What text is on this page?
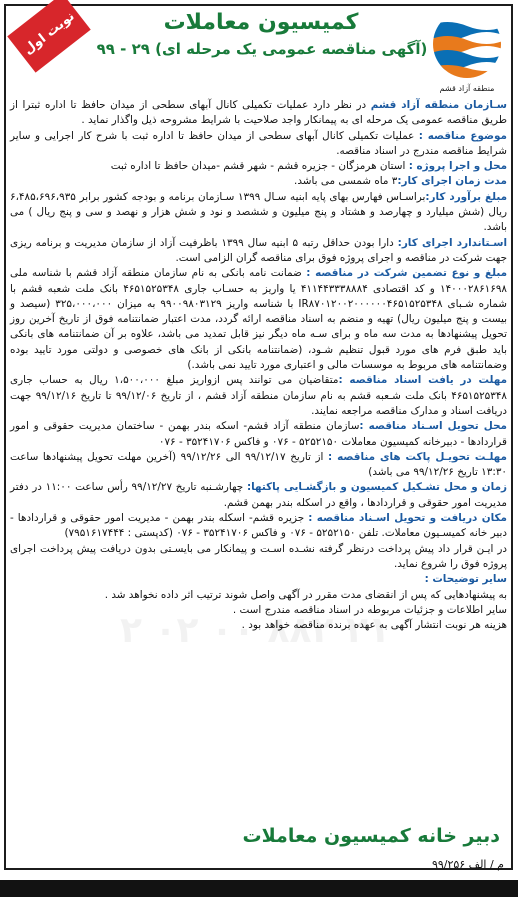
نوبت اول	کمیسیون معاملات
(آگهی مناقصه عمومی یک مرحله ای) ۲۹ - ۹۹
منطقه آزاد قشم
۲۱ ۸۸۲ ۰۰ ۰۲ ۲

سـازمان منطقه آزاد قشم در نظر دارد عملیات تکمیلی کانال آبهای سطحی از میدان حافظ تا اداره ثبترا از طریق مناقصه عمومی یک مرحله ای به پیمانکار واجد صلاحیت با شرایط مشروحه ذیل واگذار نماید .

موضوع مناقصه : عملیات تکمیلی کانال آبهای سطحی از میدان حافظ تا اداره ثبت با شرح کار اجرایی و سایر شرایط مناقصه مندرج در اسناد مناقصه.

محل و اجرا پروژه : استان هرمزگان - جزیره قشم - شهر قشم -میدان حافظ تا اداره ثبت

مدت زمان اجرای کار:۳ ماه شمسی می باشد.

مبلغ برآورد کار:براسـاس فهارس بهای پایه ابنیه سـال ۱۳۹۹ سـازمان برنامه و بودجه کشور برابر ۶،۴۸۵،۶۹۶،۹۳۵ ریال (شش میلیارد و چهارصد و هشتاد و پنج میلیون و ششصد و نود و شش هزار و نهصد و سی و پنج ریال ) می باشد.

اسـتاندارد اجرای کار: دارا بودن حداقل رتبه ۵ ابنیه سال ۱۳۹۹ باظرفیت آزاد از سازمان مدیریت و برنامه ریزی جهت شرکت در مناقصه و اجرای پروژه فوق برای مناقصه گران الزامی است.

مبلغ و نوع تضمین شرکت در مناقصه : ضمانت نامه بانکی به نام سازمان منطقه آزاد قشم با شناسه ملی ۱۴۰۰۰۲۸۶۱۶۹۸ و کد اقتصادی ۴۱۱۴۴۳۳۳۸۸۸۴ یا واریز به حسـاب جاری ۴۶۵۱۵۲۵۳۴۸ بانک ملت شعبه قشم با شماره شـبای IR۸۷۰۱۲۰۰۲۰۰۰۰۰۰۴۶۵۱۵۲۵۳۴۸ با شناسه واریز ۹۹۰۰۹۸۰۳۱۲۹ به میزان ۳۲۵،۰۰۰،۰۰۰ (سیصد و بیست و پنج میلیون ریال) تهیه و منضم به اسناد مناقصه ارائه گردد، مدت اعتبار ضمانتنامه فوق از تاریخ آخرین روز تحویل پیشنهادها به مدت سه ماه و برای سـه ماه دیگر نیز قابل تمدید می باشد، علاوه بر آن ضمانتنامه های بانکی باید طبق فرم های مورد قبول تنظیم شـود، (ضمانتنامه بانکی از بانک های خصوصی و دولتی مورد تایید بوده وضمانتنامه های مربوط به موسسات مالی و اعتباری مورد تایید نمی باشد.)

مهلت در یافت اسناد مناقصه :متقاضیان می توانند پس ازواریز مبلغ ۱،۵۰۰،۰۰۰ ریال به حساب جاری ۴۶۵۱۵۲۵۳۴۸ بانک ملت شـعبه قشم به نام سازمان منطقه آزاد قشم ، از تاریخ ۹۹/۱۲/۰۶ تا تاریخ ۹۹/۱۲/۱۶ جهت دریافت اسناد و مدارک مناقصه مراجعه نمایند.

محل تحویل اسـناد مناقصه :سازمان منطقه آزاد قشم- اسکه بندر بهمن - ساختمان مدیریت حقوقی و امور قراردادها - دبیرخانه کمیسیون معاملات ۵۲۵۲۱۵۰ - ۰۷۶ و فاکس ۳۵۲۴۱۷۰۶ - ۰۷۶

مهلـت تحویـل پاکت های مناقصه : از تاریخ ۹۹/۱۲/۱۷ الی ۹۹/۱۲/۲۶ (آخرین مهلت تحویل پیشنهادها ساعت ۱۳:۳۰ تاریخ ۹۹/۱۲/۲۶ می باشد)

زمان و محل تشـکیل کمیسیون و بازگشـایی پاکتها: چهارشـنبه تاریخ ۹۹/۱۲/۲۷ رأس ساعت ۱۱:۰۰ در دفتر مدیریت امور حقوقی و قراردادها ، واقع در اسکله بندر بهمن قشم.

مکان دریافت و تحویل اسـناد مناقصه : جزیره قشم- اسکله بندر بهمن - مدیریت امور حقوقی و قراردادها - دبیر خانه کمیسـیون معاملات. تلفن ۵۲۵۲۱۵۰ - ۰۷۶ و فاکس ۳۵۲۴۱۷۰۶ - ۰۷۶ (کدپستی : ۷۹۵۱۶۱۷۴۴۴)

در ایـن قرار داد پیش پرداخت درنظر گرفته نشـده اسـت و پیمانکار می بایسـتی بدون دریافت پیش پرداخت اجرای پروژه فوق را شروع نماید.

سایر توضیحات :

به پیشنهادهایی که پس از انقضای مدت مقرر در آگهی واصل شوند ترتیب اثر داده نخواهد شد .

سایر اطلاعات و جزئیات مربوطه در اسناد مناقصه مندرج است .

هزینه هر نوبت انتشار آگهی به عهده برنده مناقصه خواهد بود .

دبیر خانه کمیسیون معاملات
م / الف ۹۹/۲۵۶
